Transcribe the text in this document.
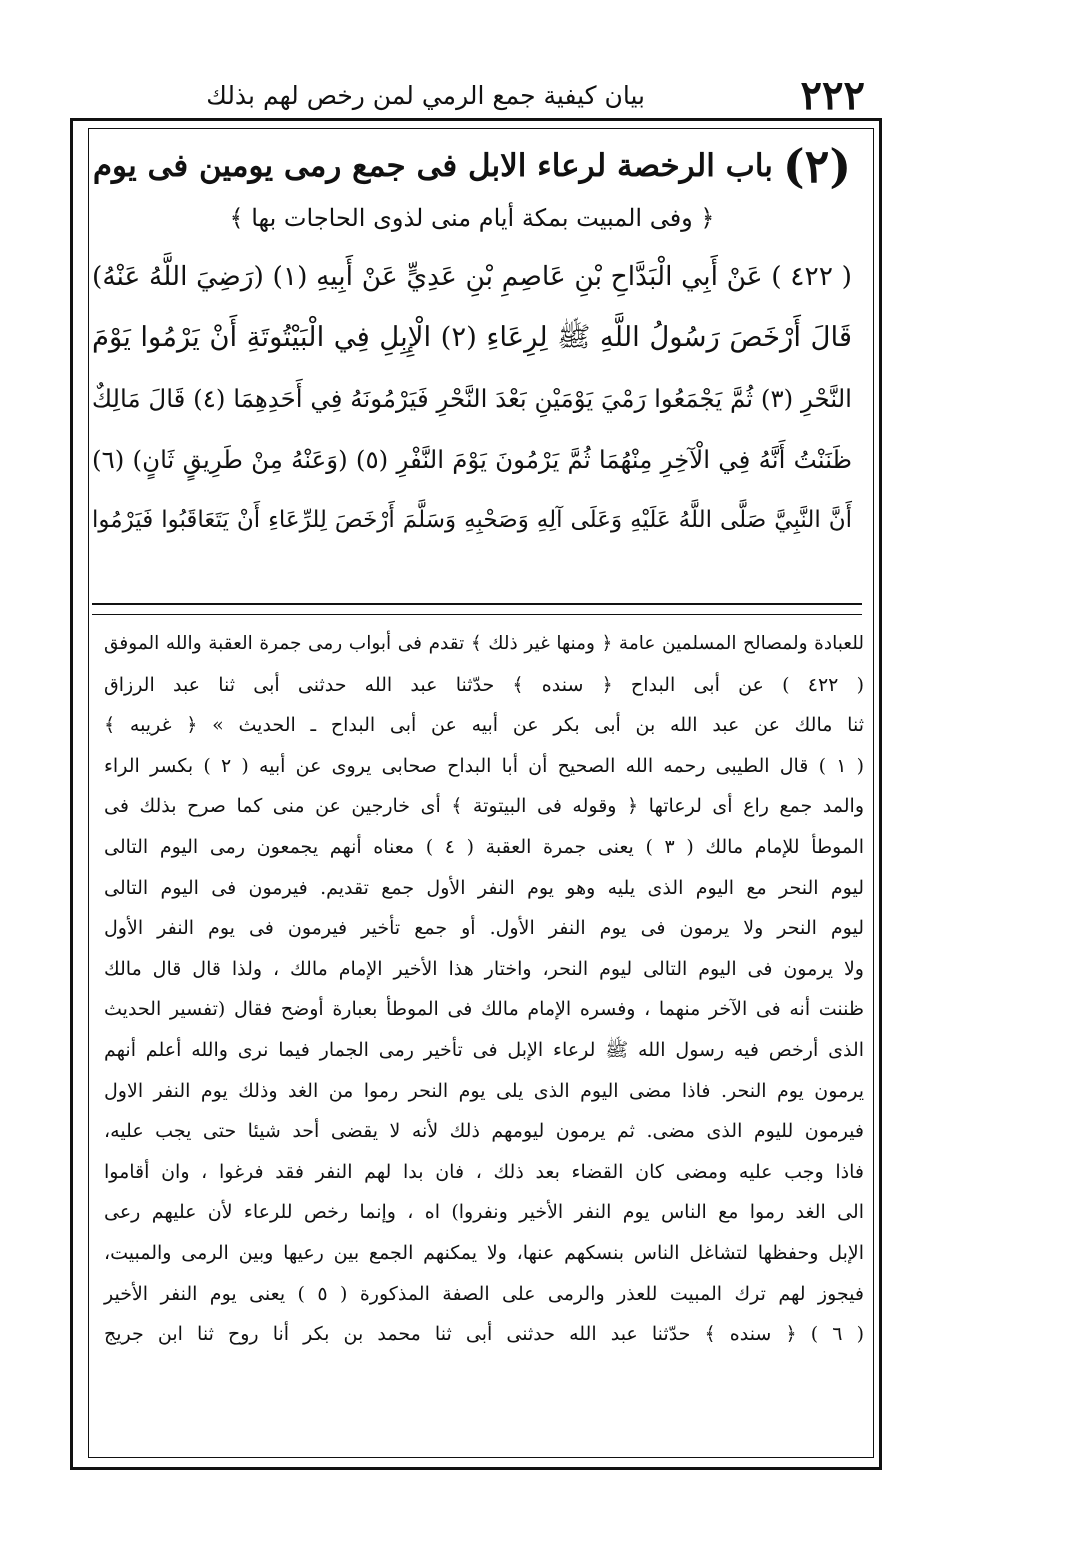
٢٢٢
بيان كيفية جمع الرمي لمن رخص لهم بذلك
(٢)
باب الرخصة لرعاء الابل فى جمع رمى يومين فى يوم
﴿ وفى المبيت بمكة أيام منى لذوى الحاجات بها ﴾
( ٤٢٢ ) عَنْ أَبِي الْبَدَّاحِ بْنِ عَاصِمِ بْنِ عَدِيٍّ عَنْ أَبِيهِ (١) (رَضِيَ اللَّهُ عَنْهُ)
قَالَ أَرْخَصَ رَسُولُ اللَّهِ ﷺ لِرِعَاءِ (٢) الْإِبِلِ فِي الْبَيْتُوتَةِ أَنْ يَرْمُوا يَوْمَ
النَّحْرِ (٣) ثُمَّ يَجْمَعُوا رَمْيَ يَوْمَيْنِ بَعْدَ النَّحْرِ فَيَرْمُونَهُ فِي أَحَدِهِمَا (٤) قَالَ مَالِكٌ
ظَنَنْتُ أَنَّهُ فِي الْآخِرِ مِنْهُمَا ثُمَّ يَرْمُونَ يَوْمَ النَّفْرِ (٥) (وَعَنْهُ مِنْ طَرِيقٍ ثَانٍ) (٦)
أَنَّ النَّبِيَّ صَلَّى اللَّهُ عَلَيْهِ وَعَلَى آلِهِ وَصَحْبِهِ وَسَلَّمَ أَرْخَصَ لِلرِّعَاءِ أَنْ يَتَعَاقَبُوا فَيَرْمُوا
للعبادة ولمصالح المسلمين عامة ﴿ ومنها غير ذلك ﴾ تقدم فى أبواب رمى جمرة العقبة والله الموفق
( ٤٢٢ ) عن أبى البداح ﴿ سنده ﴾ حدّثنا عبد الله حدثنى أبى ثنا عبد الرزاق
ثنا مالك عن عبد الله بن أبى بكر عن أبيه عن أبى البداح ـ الحديث » ﴿ غريبه ﴾
( ١ ) قال الطيبى رحمه الله الصحيح أن أبا البداح صحابى يروى عن أبيه ( ٢ ) بكسر الراء
والمد جمع راع أى لرعاتها ﴿ وقوله فى البيتوتة ﴾ أى خارجين عن منى كما صرح بذلك فى
الموطأ للإمام مالك ( ٣ ) يعنى جمرة العقبة ( ٤ ) معناه أنهم يجمعون رمى اليوم التالى
ليوم النحر مع اليوم الذى يليه وهو يوم النفر الأول جمع تقديم. فيرمون فى اليوم التالى
ليوم النحر ولا يرمون فى يوم النفر الأول. أو جمع تأخير فيرمون فى يوم النفر الأول
ولا يرمون فى اليوم التالى ليوم النحر، واختار هذا الأخير الإمام مالك ، ولذا قال قال مالك
ظننت أنه فى الآخر منهما ، وفسره الإمام مالك فى الموطأ بعبارة أوضح فقال (تفسير الحديث
الذى أرخص فيه رسول الله ﷺ لرعاء الإبل فى تأخير رمى الجمار فيما نرى والله أعلم أنهم
يرمون يوم النحر. فاذا مضى اليوم الذى يلى يوم النحر رموا من الغد وذلك يوم النفر الاول
فيرمون لليوم الذى مضى. ثم يرمون ليومهم ذلك لأنه لا يقضى أحد شيئا حتى يجب عليه،
فاذا وجب عليه ومضى كان القضاء بعد ذلك ، فان بدا لهم النفر فقد فرغوا ، وان أقاموا
الى الغد رموا مع الناس يوم النفر الأخير ونفروا) اه ، وإنما رخص للرعاء لأن عليهم رعى
الإبل وحفظها لتشاغل الناس بنسكهم عنها، ولا يمكنهم الجمع بين رعيها وبين الرمى والمبيت،
فيجوز لهم ترك المبيت للعذر والرمى على الصفة المذكورة ( ٥ ) يعنى يوم النفر الأخير
( ٦ ) ﴿ سنده ﴾ حدّثنا عبد الله حدثنى أبى ثنا محمد بن بكر أنا روح ثنا ابن جريج
